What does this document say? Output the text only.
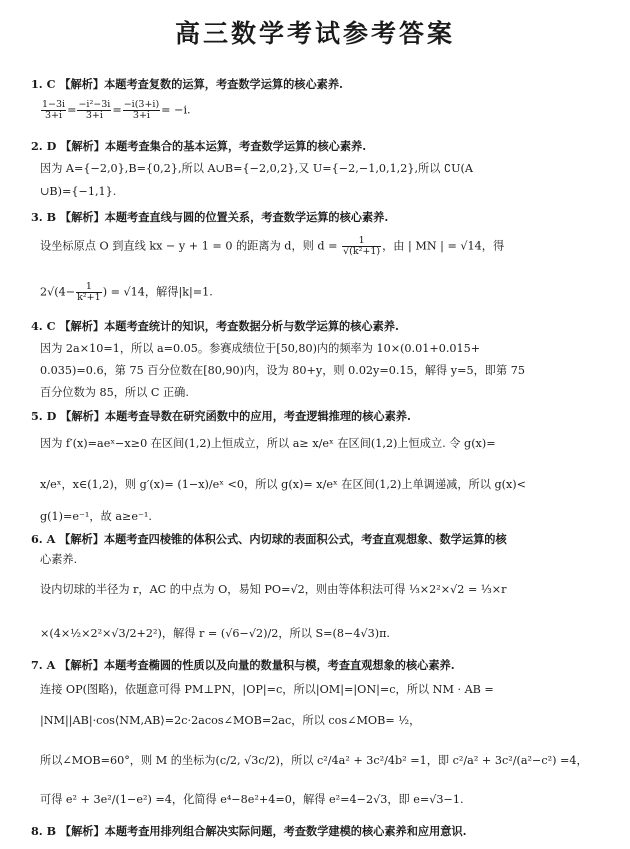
高三数学考试参考答案
1. C 【解析】本题考查复数的运算，考查数学运算的核心素养.
$\frac{1-3i}{3+i} = \frac{\text{−i²−3i}}{3+i} = \frac{-i(3+i)}{3+i} = -i$.
2. D 【解析】本题考查集合的基本运算，考查数学运算的核心素养.
因为 A={−2,0},B={0,2},所以 A∪B={−2,0,2},又 U={−2,−1,0,1,2},所以 ∁U(A
∪B)={−1,1}.
3. B 【解析】本题考查直线与圆的位置关系，考查数学运算的核心素养.
设坐标原点 O 到直线 kx − y + 1 = 0 的距离为 d，则 $d = \frac{1}{\text{√(k²+1)}}$ ，由 | MN | = √14，得
$2√(4- \frac{1}{\text{k²+1}}$ ) = √14，解得|k|=1.
4. C 【解析】本题考查统计的知识，考查数据分析与数学运算的核心素养.
因为 2a×10=1，所以 a=0.05。参赛成绩位于[50,80)内的频率为 10×(0.01+0.015+
0.035)=0.6，第 75 百分位数在[80,90)内，设为 80+y，则 0.02y=0.15，解得 y=5，即第 75
百分位数为 85，所以 C 正确.
5. D 【解析】本题考查导数在研究函数中的应用，考查逻辑推理的核心素养.
因为 f′(x)=aeˣ−x≥0 在区间(1,2)上恒成立，所以 a≥ x/eˣ 在区间(1,2)上恒成立. 令 g(x)=
x/eˣ，x∈(1,2)，则 g′(x)= (1−x)/eˣ <0，所以 g(x)= x/eˣ 在区间(1,2)上单调递减，所以 g(x)<
g(1)=e⁻¹，故 a≥e⁻¹.
6. A 【解析】本题考查四棱锥的体积公式、内切球的表面积公式，考查直观想象、数学运算的核
心素养.
设内切球的半径为 r，AC 的中点为 O，易知 PO=√2，则由等体积法可得 ⅓×2²×√2 = ⅓×r
×(4×½×2²×√3/2+2²)，解得 r = (√6−√2)/2，所以 S=(8−4√3)π.
7. A 【解析】本题考查椭圆的性质以及向量的数量积与模，考查直观想象的核心素养.
连接 OP(图略)，依题意可得 PM⊥PN，|OP|=c，所以|OM|=|ON|=c，所以 NM · AB =
|NM||AB|·cos⟨NM,AB⟩=2c·2acos∠MOB=2ac，所以 cos∠MOB= ½，
所以∠MOB=60°，则 M 的坐标为(c/2, √3c/2)，所以 c²/4a² + 3c²/4b² =1，即 c²/a² + 3c²/(a²−c²) =4，
可得 e² + 3e²/(1−e²) =4，化简得 e⁴−8e²+4=0，解得 e²=4−2√3，即 e=√3−1.
8. B 【解析】本题考查用排列组合解决实际问题，考查数学建模的核心素养和应用意识.
